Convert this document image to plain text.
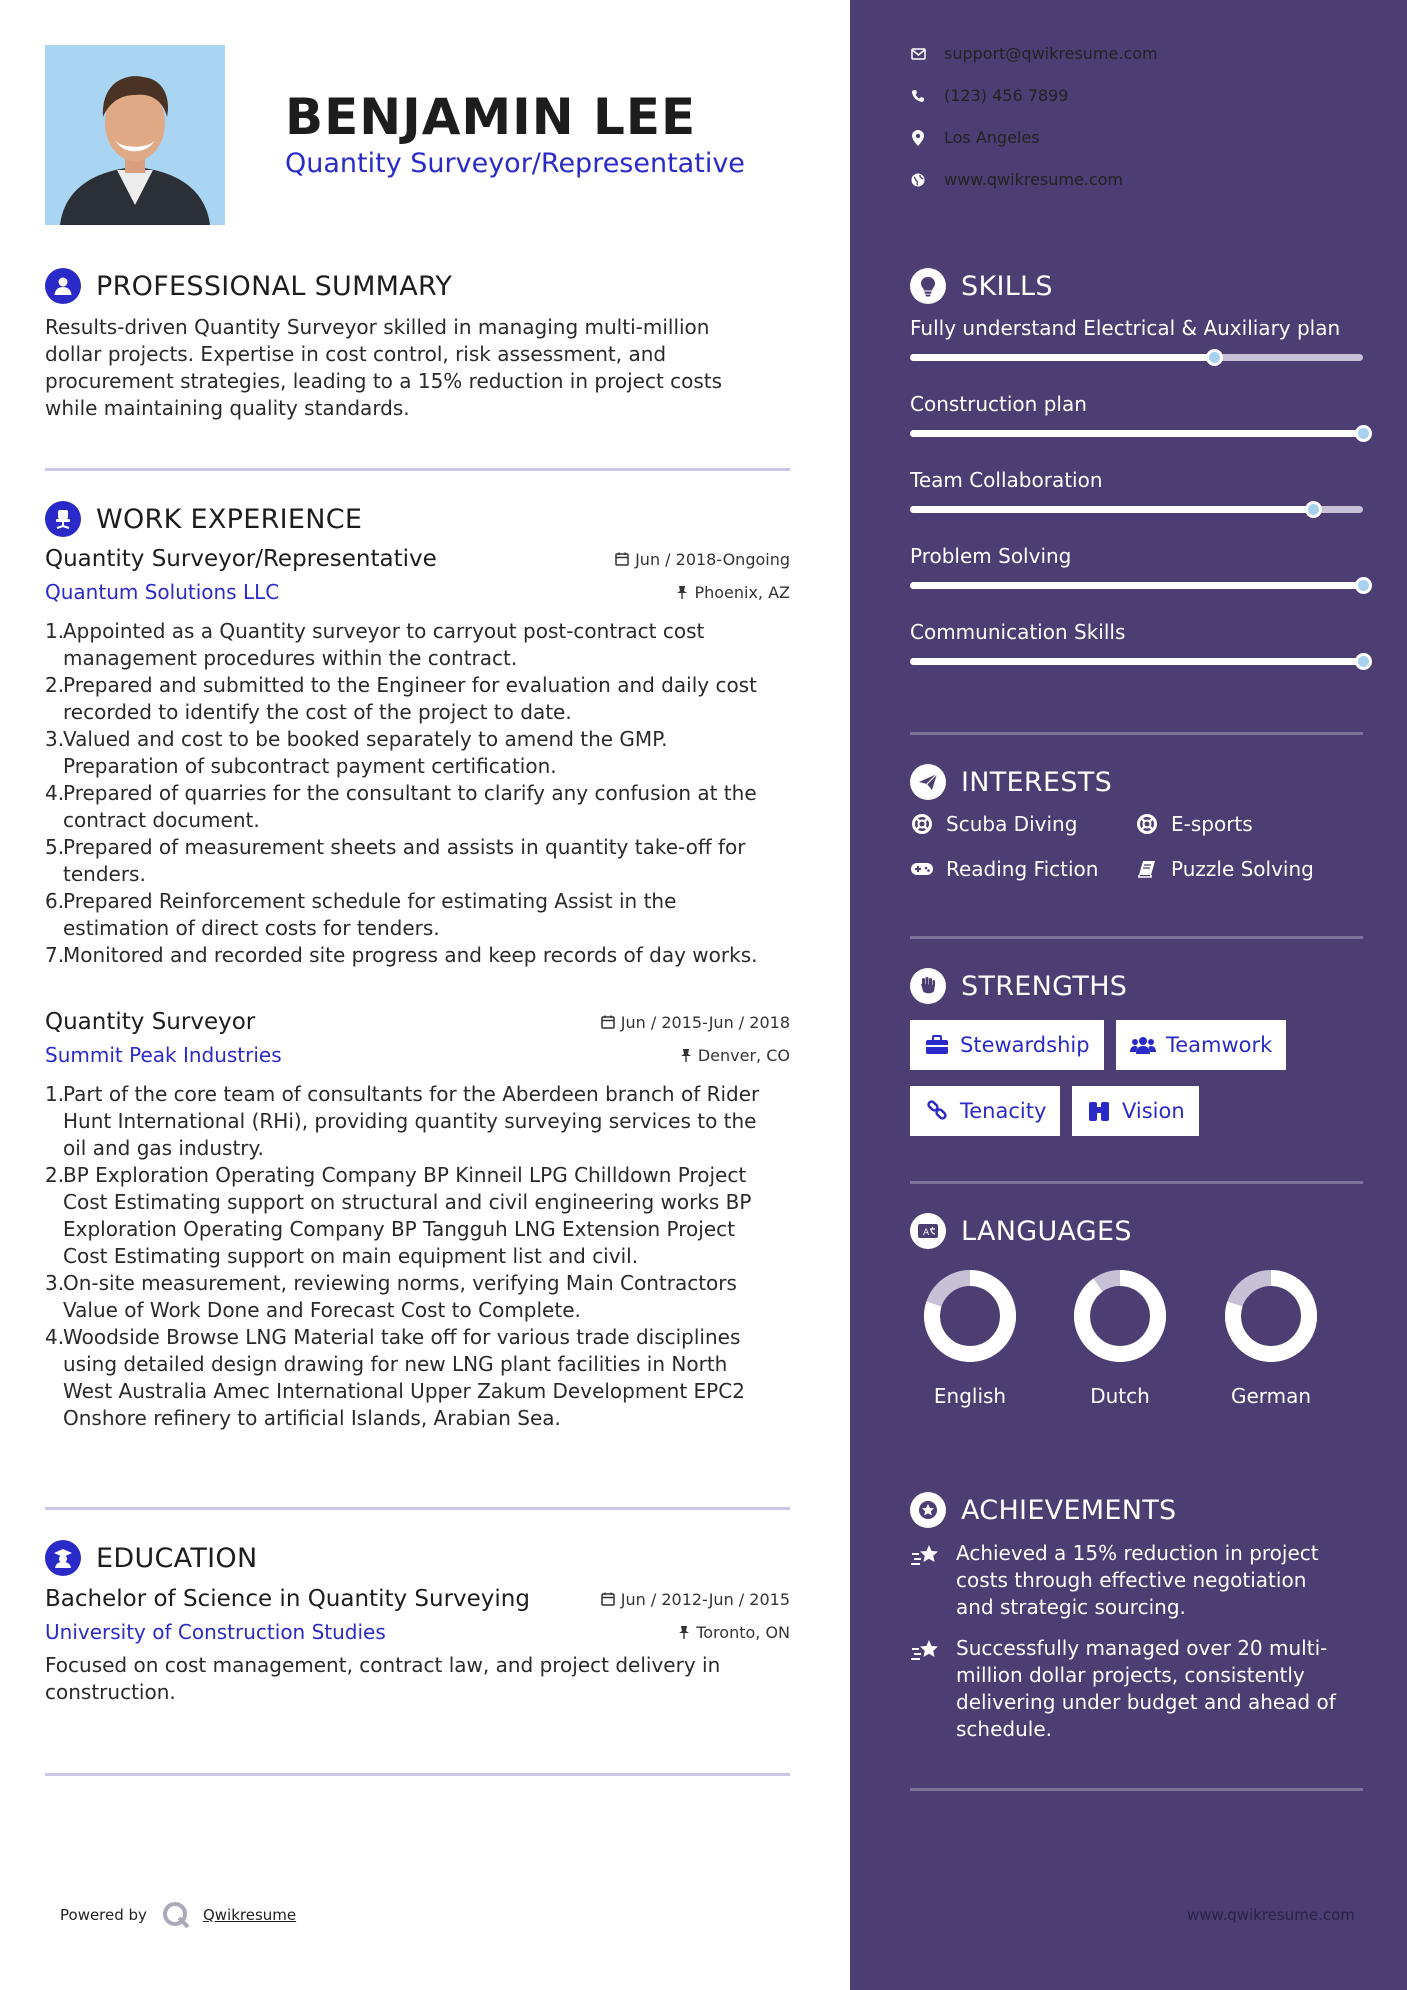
BENJAMIN LEE
Quantity Surveyor/Representative
support@qwikresume.com
(123) 456 7899
Los Angeles
www.qwikresume.com
PROFESSIONAL SUMMARY
Results-driven Quantity Surveyor skilled in managing multi-million
dollar projects. Expertise in cost control, risk assessment, and
procurement strategies, leading to a 15% reduction in project costs
while maintaining quality standards.
WORK EXPERIENCE
Quantity Surveyor/Representative	Jun / 2018-Ongoing
Quantum Solutions LLC	Phoenix, AZ
1.
Appointed as a Quantity surveyor to carryout post-contract cost
management procedures within the contract.
2.
Prepared and submitted to the Engineer for evaluation and daily cost
recorded to identify the cost of the project to date.
3.
Valued and cost to be booked separately to amend the GMP.
Preparation of subcontract payment certification.
4.
Prepared of quarries for the consultant to clarify any confusion at the
contract document.
5.
Prepared of measurement sheets and assists in quantity take-off for
tenders.
6.
Prepared Reinforcement schedule for estimating Assist in the
estimation of direct costs for tenders.
7.
Monitored and recorded site progress and keep records of day works.
Quantity Surveyor	Jun / 2015-Jun / 2018
Summit Peak Industries	Denver, CO
1.
Part of the core team of consultants for the Aberdeen branch of Rider
Hunt International (RHi), providing quantity surveying services to the
oil and gas industry.
2.
BP Exploration Operating Company BP Kinneil LPG Chilldown Project
Cost Estimating support on structural and civil engineering works BP
Exploration Operating Company BP Tangguh LNG Extension Project
Cost Estimating support on main equipment list and civil.
3.
On-site measurement, reviewing norms, verifying Main Contractors
Value of Work Done and Forecast Cost to Complete.
4.
Woodside Browse LNG Material take off for various trade disciplines
using detailed design drawing for new LNG plant facilities in North
West Australia Amec International Upper Zakum Development EPC2
Onshore refinery to artificial Islands, Arabian Sea.
EDUCATION
Bachelor of Science in Quantity Surveying	Jun / 2012-Jun / 2015
University of Construction Studies	Toronto, ON
Focused on cost management, contract law, and project delivery in
construction.
SKILLS
Fully understand Electrical & Auxiliary plan
Construction plan
Team Collaboration
Problem Solving
Communication Skills
INTERESTS
Scuba Diving	E-sports
Reading Fiction	Puzzle Solving
STRENGTHS
Stewardship	Teamwork
Tenacity	Vision
A LANGUAGES
English	Dutch	German
ACHIEVEMENTS
Achieved a 15% reduction in project
costs through effective negotiation
and strategic sourcing.
Successfully managed over 20 multi-
million dollar projects, consistently
delivering under budget and ahead of
schedule.
Powered by	Qwikresume	www.qwikresume.com
